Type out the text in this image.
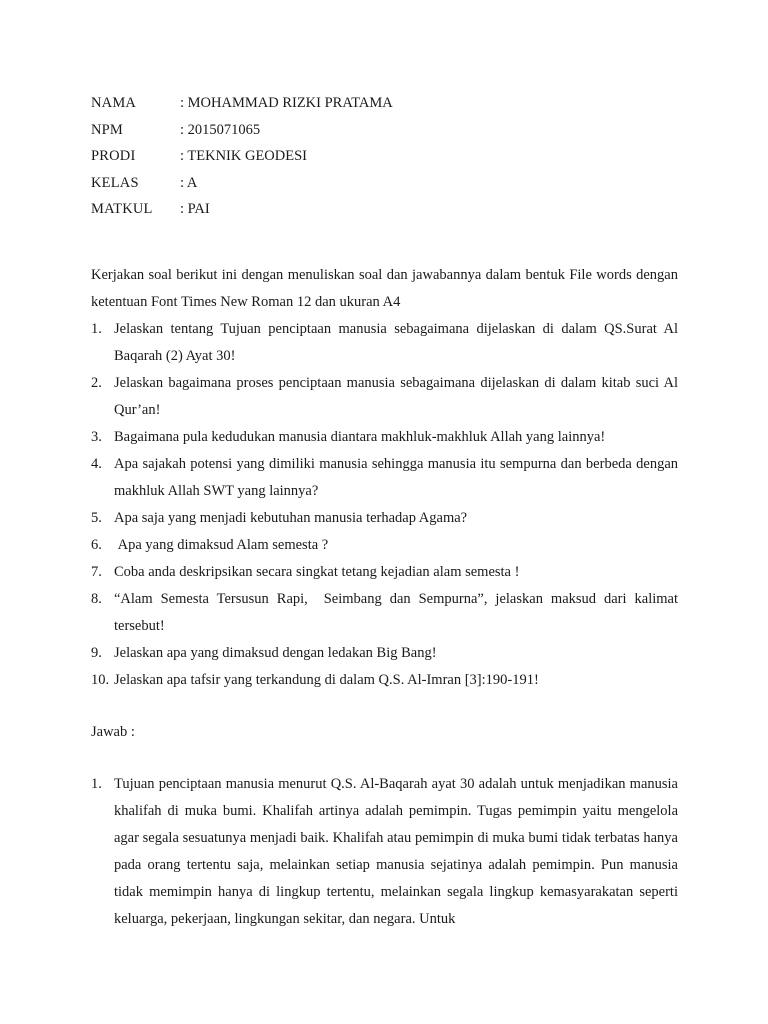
NAMA	: MOHAMMAD RIZKI PRATAMA
NPM	: 2015071065
PRODI	: TEKNIK GEODESI
KELAS	: A
MATKUL	: PAI
Kerjakan soal berikut ini dengan menuliskan soal dan jawabannya dalam bentuk File words dengan ketentuan Font Times New Roman 12 dan ukuran A4
1. Jelaskan tentang Tujuan penciptaan manusia sebagaimana dijelaskan di dalam QS.Surat Al Baqarah (2) Ayat 30!
2. Jelaskan bagaimana proses penciptaan manusia sebagaimana dijelaskan di dalam kitab suci Al Qur’an!
3. Bagaimana pula kedudukan manusia diantara makhluk-makhluk Allah yang lainnya!
4. Apa sajakah potensi yang dimiliki manusia sehingga manusia itu sempurna dan berbeda dengan makhluk Allah SWT yang lainnya?
5. Apa saja yang menjadi kebutuhan manusia terhadap Agama?
6. Apa yang dimaksud Alam semesta ?
7. Coba anda deskripsikan secara singkat tetang kejadian alam semesta !
8. “Alam Semesta Tersusun Rapi,  Seimbang dan Sempurna”, jelaskan maksud dari kalimat tersebut!
9. Jelaskan apa yang dimaksud dengan ledakan Big Bang!
10. Jelaskan apa tafsir yang terkandung di dalam Q.S. Al-Imran [3]:190-191!
Jawab :
1. Tujuan penciptaan manusia menurut Q.S. Al-Baqarah ayat 30 adalah untuk menjadikan manusia khalifah di muka bumi. Khalifah artinya adalah pemimpin. Tugas pemimpin yaitu mengelola agar segala sesuatunya menjadi baik. Khalifah atau pemimpin di muka bumi tidak terbatas hanya pada orang tertentu saja, melainkan setiap manusia sejatinya adalah pemimpin. Pun manusia tidak memimpin hanya di lingkup tertentu, melainkan segala lingkup kemasyarakatan seperti keluarga, pekerjaan, lingkungan sekitar, dan negara. Untuk
